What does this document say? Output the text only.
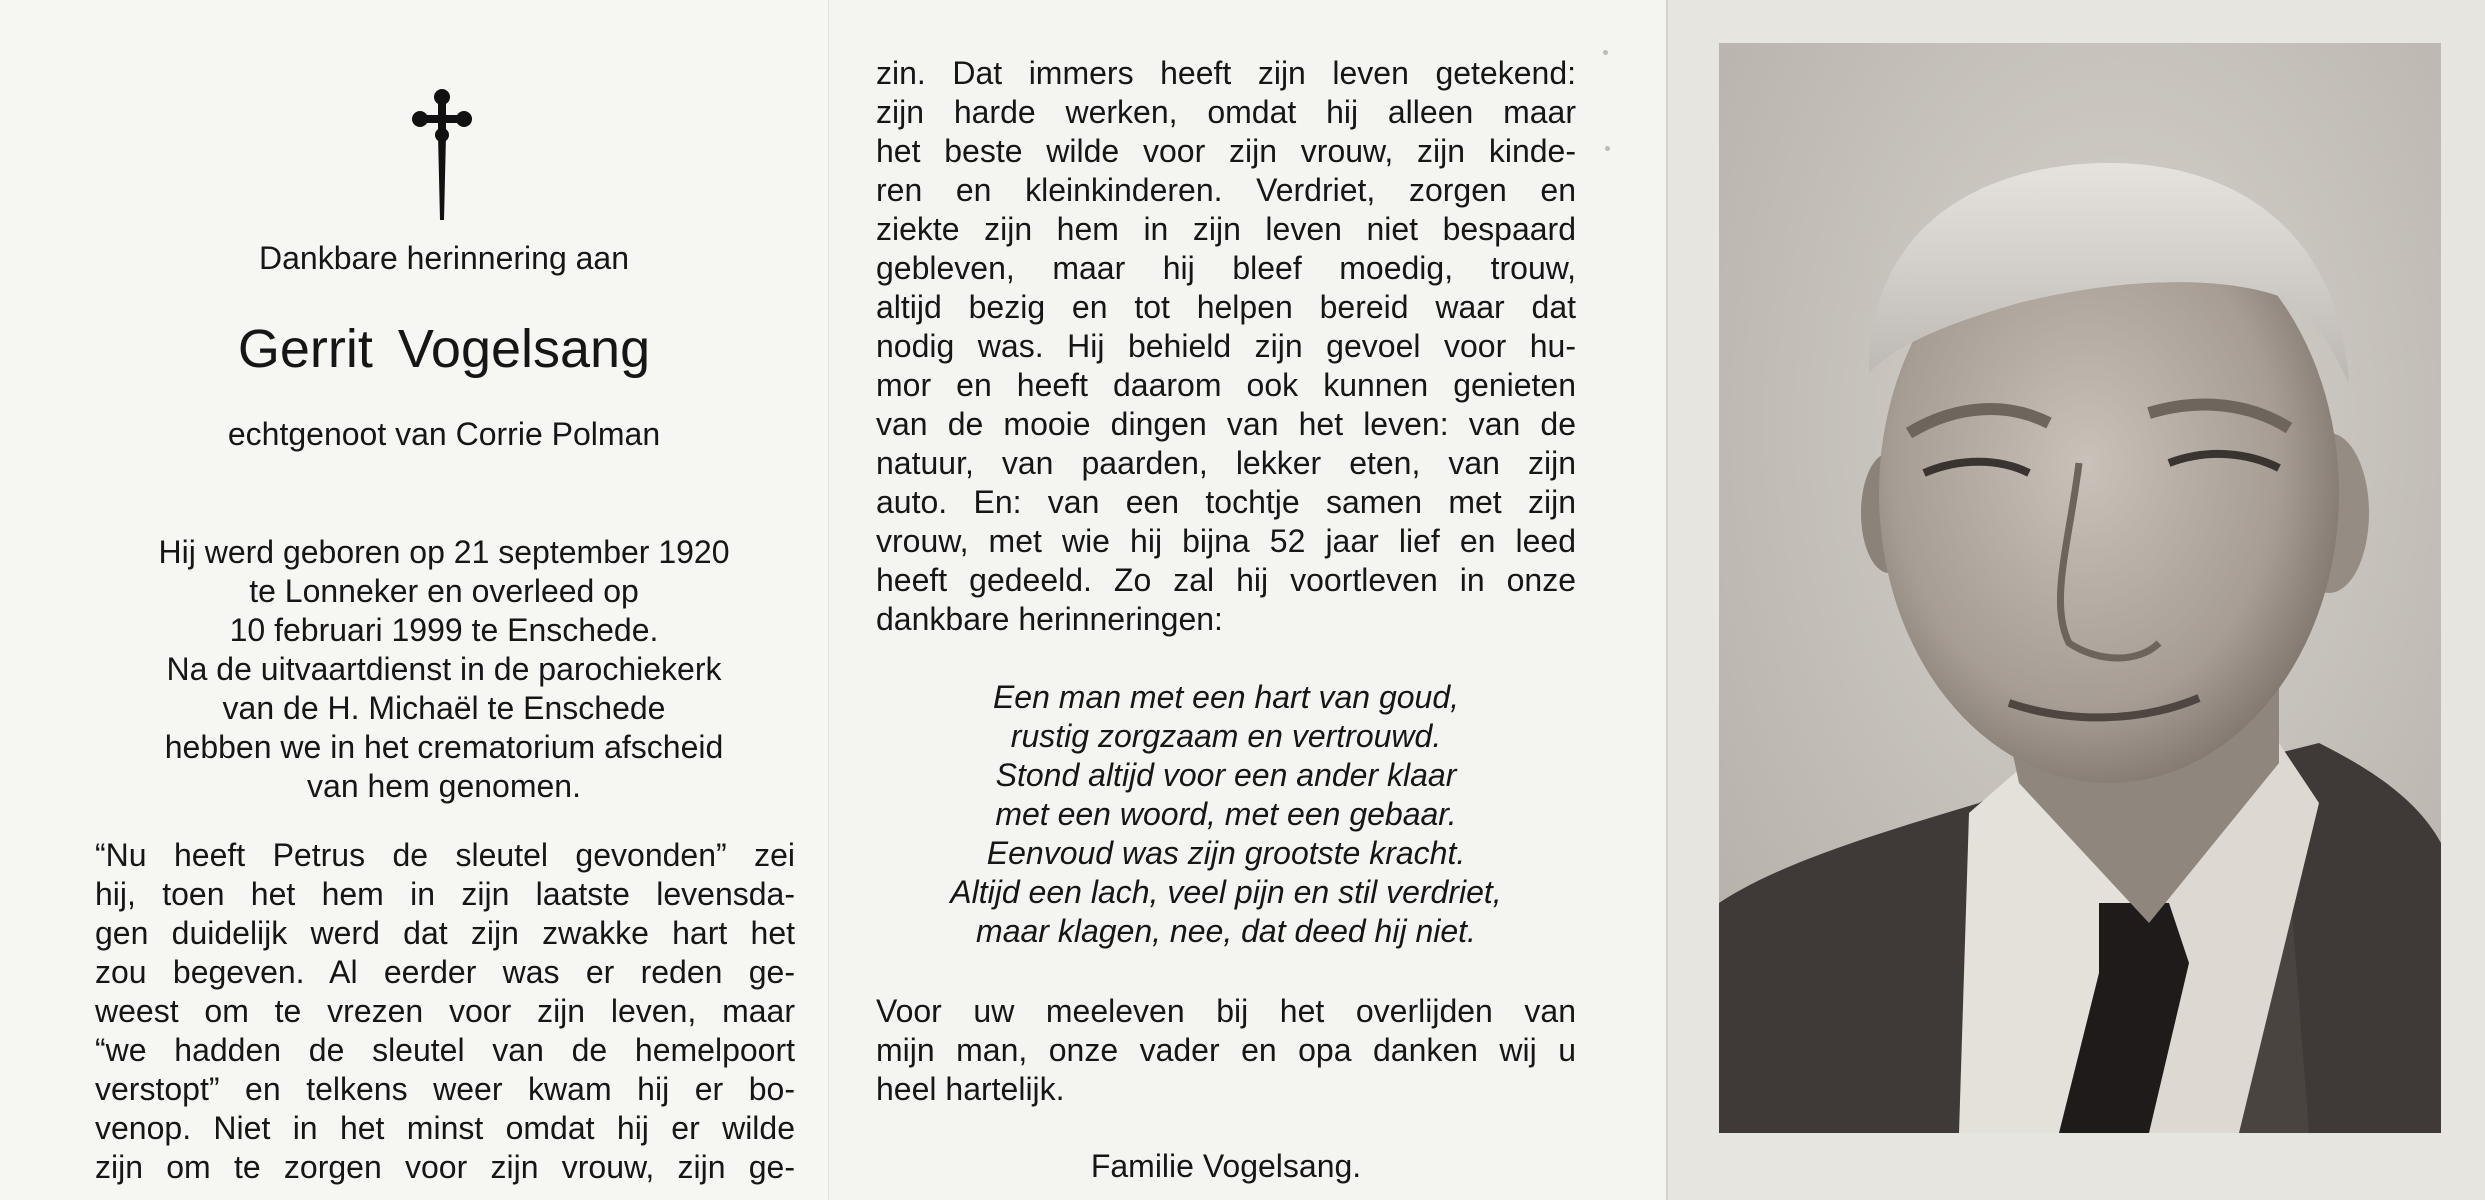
Dankbare herinnering aan
Gerrit Vogelsang
echtgenoot van Corrie Polman
Hij werd geboren op 21 september 1920
te Lonneker en overleed op
10 februari 1999 te Enschede.
Na de uitvaartdienst in de parochiekerk
van de H. Michaël te Enschede
hebben we in het crematorium afscheid
van hem genomen.
“Nu heeft Petrus de sleutel gevonden” zei
hij, toen het hem in zijn laatste levensda-
gen duidelijk werd dat zijn zwakke hart het
zou begeven. Al eerder was er reden ge-
weest om te vrezen voor zijn leven, maar
“we hadden de sleutel van de hemelpoort
verstopt” en telkens weer kwam hij er bo-
venop. Niet in het minst omdat hij er wilde
zijn om te zorgen voor zijn vrouw, zijn ge-
zin. Dat immers heeft zijn leven getekend:
zijn harde werken, omdat hij alleen maar
het beste wilde voor zijn vrouw, zijn kinde-
ren en kleinkinderen. Verdriet, zorgen en
ziekte zijn hem in zijn leven niet bespaard
gebleven, maar hij bleef moedig, trouw,
altijd bezig en tot helpen bereid waar dat
nodig was. Hij behield zijn gevoel voor hu-
mor en heeft daarom ook kunnen genieten
van de mooie dingen van het leven: van de
natuur, van paarden, lekker eten, van zijn
auto. En: van een tochtje samen met zijn
vrouw, met wie hij bijna 52 jaar lief en leed
heeft gedeeld. Zo zal hij voortleven in onze
dankbare herinneringen:
Een man met een hart van goud,
rustig zorgzaam en vertrouwd.
Stond altijd voor een ander klaar
met een woord, met een gebaar.
Eenvoud was zijn grootste kracht.
Altijd een lach, veel pijn en stil verdriet,
maar klagen, nee, dat deed hij niet.
Voor uw meeleven bij het overlijden van
mijn man, onze vader en opa danken wij u
heel hartelijk.
Familie Vogelsang.
